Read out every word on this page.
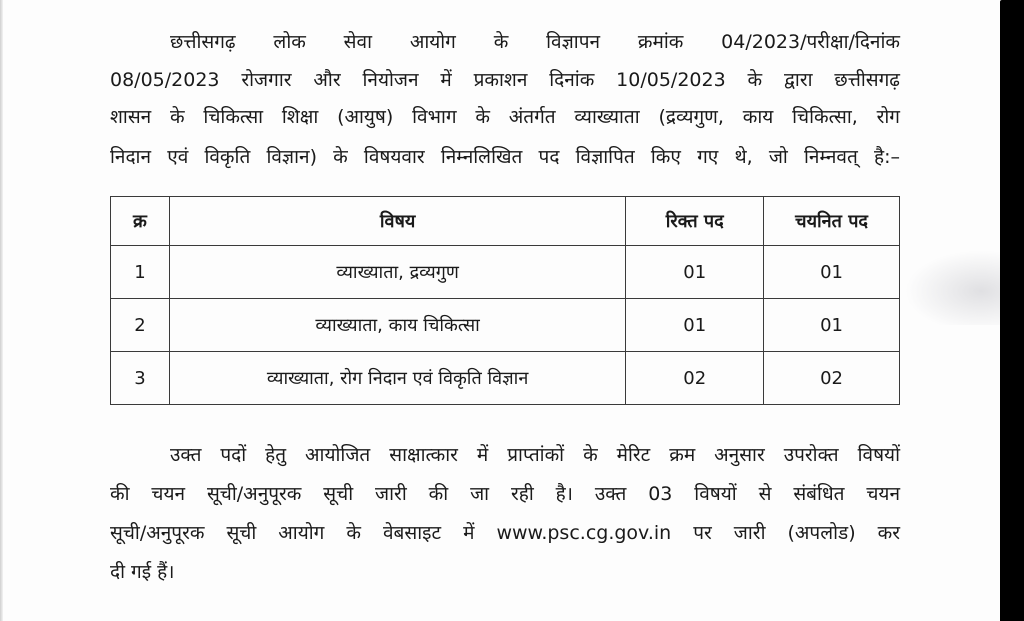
छत्तीसगढ़ लोक सेवा आयोग के विज्ञापन क्रमांक 04/2023/परीक्षा/दिनांक
08/05/2023 रोजगार और नियोजन में प्रकाशन दिनांक 10/05/2023 के द्वारा छत्तीसगढ़
शासन के चिकित्सा शिक्षा (आयुष) विभाग के अंतर्गत व्याख्याता (द्रव्यगुण, काय चिकित्सा, रोग
निदान एवं विकृति विज्ञान) के विषयवार निम्नलिखित पद विज्ञापित किए गए थे, जो निम्नवत् है:–
क्र	विषय	रिक्त पद	चयनित पद
1	व्याख्याता, द्रव्यगुण	01	01
2	व्याख्याता, काय चिकित्सा	01	01
3	व्याख्याता, रोग निदान एवं विकृति विज्ञान	02	02
उक्त पदों हेतु आयोजित साक्षात्कार में प्राप्तांकों के मेरिट क्रम अनुसार उपरोक्त विषयों
की चयन सूची/अनुपूरक सूची जारी की जा रही है। उक्त 03 विषयों से संबंधित चयन
सूची/अनुपूरक सूची आयोग के वेबसाइट में www.psc.cg.gov.in पर जारी (अपलोड) कर
दी गई हैं।
